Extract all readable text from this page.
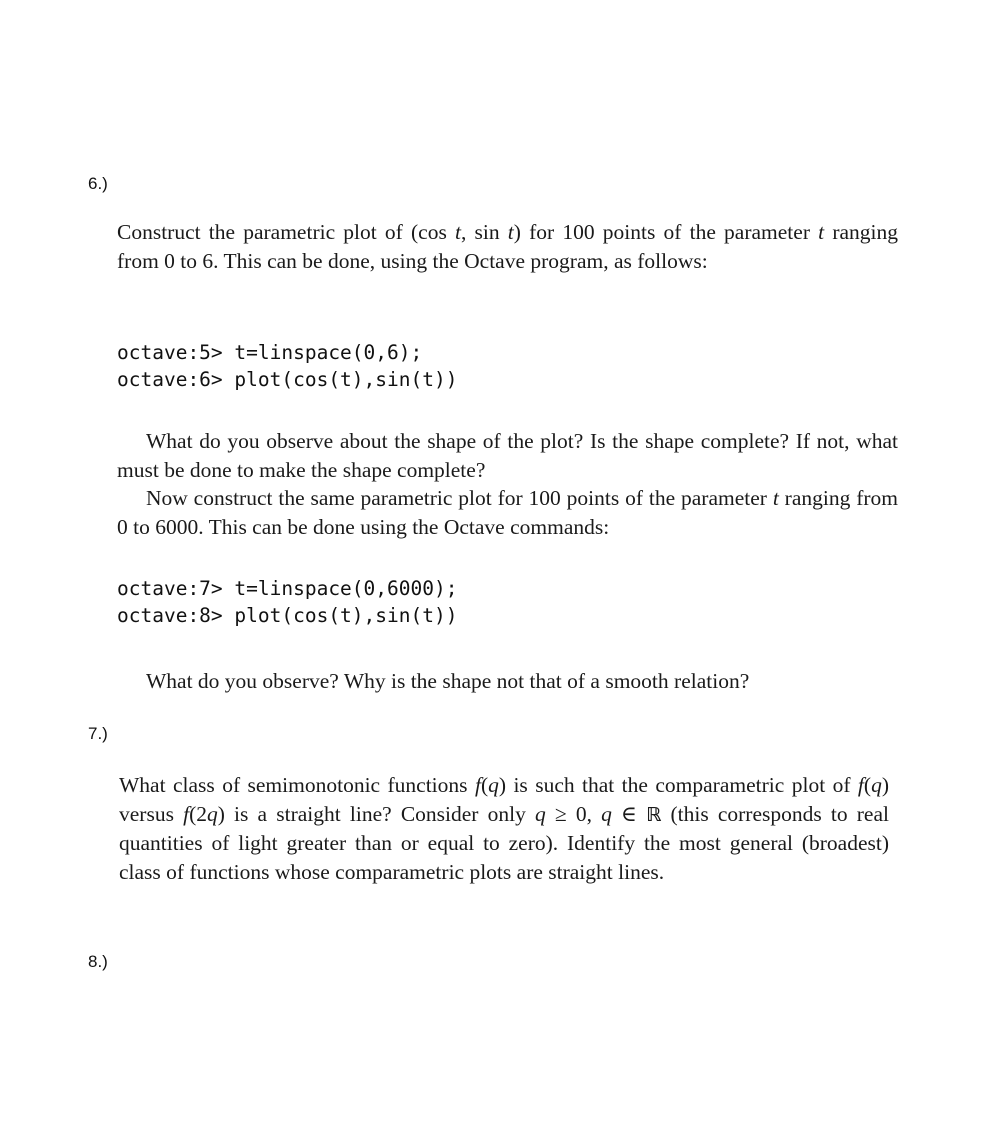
6.)

Construct the parametric plot of (cos t, sin t) for 100 points of the parameter t ranging from 0 to 6. This can be done, using the Octave program, as follows:

octave:5> t=linspace(0,6);
octave:6> plot(cos(t),sin(t))

What do you observe about the shape of the plot? Is the shape complete? If not, what must be done to make the shape complete?

Now construct the same parametric plot for 100 points of the parameter t ranging from 0 to 6000. This can be done using the Octave commands:

octave:7> t=linspace(0,6000);
octave:8> plot(cos(t),sin(t))

What do you observe? Why is the shape not that of a smooth relation?

7.)

What class of semimonotonic functions f(q) is such that the comparametric plot of f(q) versus f(2q) is a straight line? Consider only q ≥ 0, q ∈ ℝ (this corresponds to real quantities of light greater than or equal to zero). Identify the most general (broadest) class of functions whose comparametric plots are straight lines.

8.)
